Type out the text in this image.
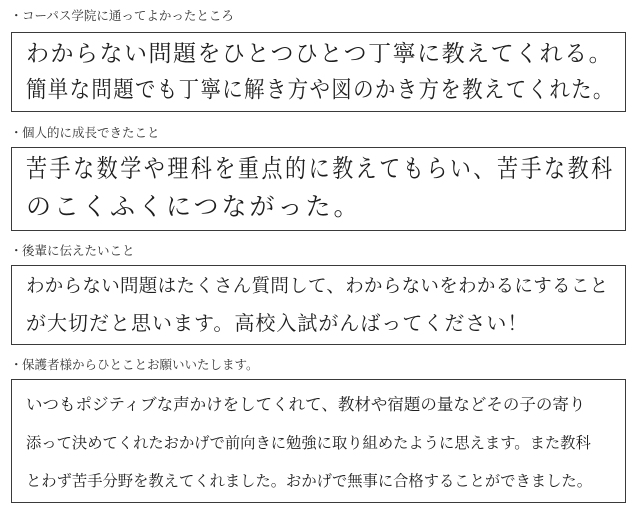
・コーパス学院に通ってよかったところ
わからない問題をひとつひとつ丁寧に教えてくれる。
簡単な問題でも丁寧に解き方や図のかき方を教えてくれた。
・個人的に成長できたこと
苦手な数学や理科を重点的に教えてもらい、苦手な教科
のこくふくにつながった。
・後輩に伝えたいこと
わからない問題はたくさん質問して、わからないをわかるにすること
が大切だと思います。高校入試がんばってください！
・保護者様からひとことお願いいたします。
いつもポジティブな声かけをしてくれて、教材や宿題の量などその子の寄り
添って決めてくれたおかげで前向きに勉強に取り組めたように思えます。また教科
とわず苦手分野を教えてくれました。おかげで無事に合格することができました。
